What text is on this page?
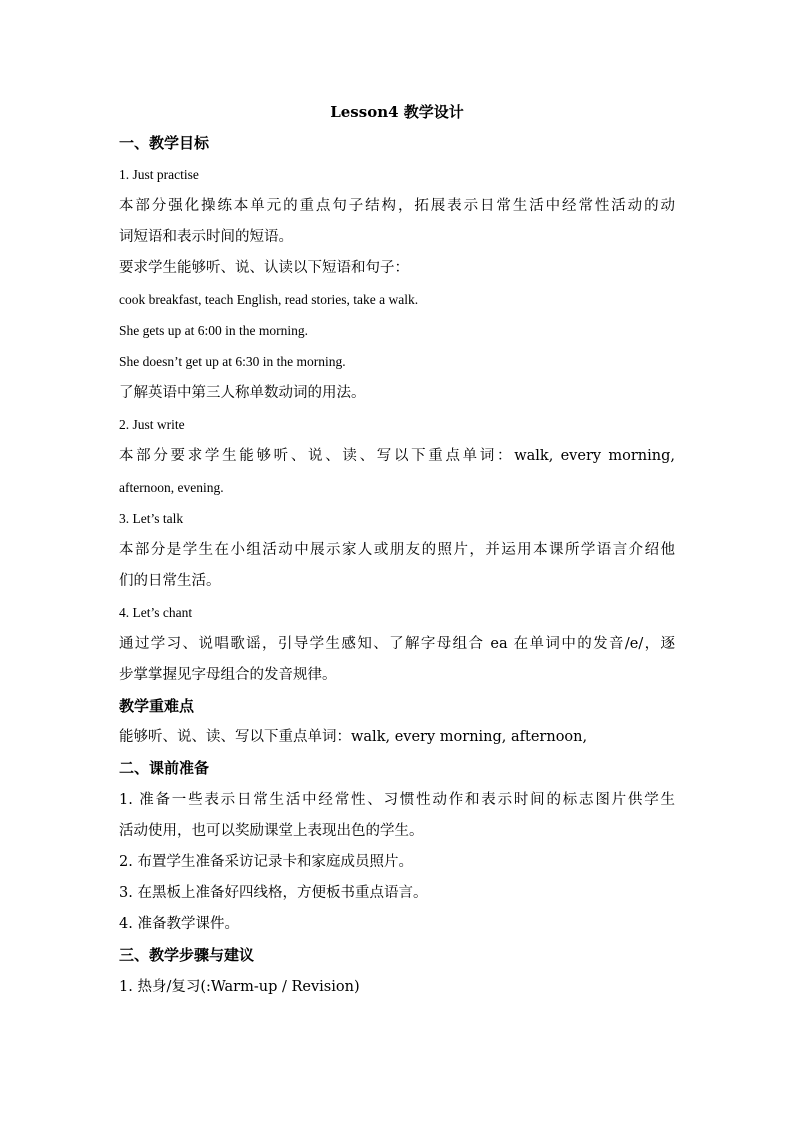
Lesson4 教学设计
一、教学目标
1. Just practise
本部分强化操练本单元的重点句子结构，拓展表示日常生活中经常性活动的动
词短语和表示时间的短语。
要求学生能够听、说、认读以下短语和句子：
cook breakfast, teach English, read stories, take a walk.
She gets up at 6:00 in the morning.
She doesn’t get up at 6:30 in the morning.
了解英语中第三人称单数动词的用法。
2. Just write
本部分要求学生能够听、说、读、写以下重点单词：walk, every morning,
afternoon, evening.
3. Let’s talk
本部分是学生在小组活动中展示家人或朋友的照片，并运用本课所学语言介绍他
们的日常生活。
4. Let’s chant
通过学习、说唱歌谣，引导学生感知、了解字母组合 ea 在单词中的发音/e/，逐
步掌掌握见字母组合的发音规律。
教学重难点
能够听、说、读、写以下重点单词：walk, every morning, afternoon,
二、课前准备
1. 准备一些表示日常生活中经常性、习惯性动作和表示时间的标志图片供学生
活动使用，也可以奖励课堂上表现出色的学生。
2. 布置学生准备采访记录卡和家庭成员照片。
3. 在黑板上准备好四线格，方便板书重点语言。
4. 准备教学课件。
三、教学步骤与建议
1. 热身/复习(:Warm-up / Revision)
